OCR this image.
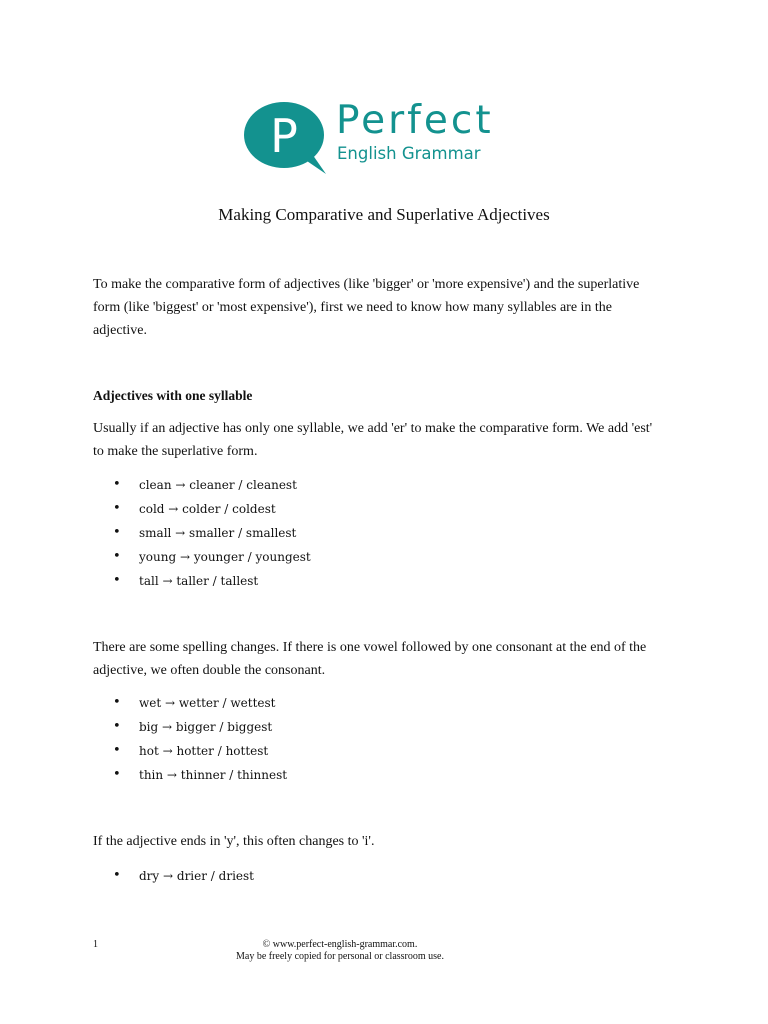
P Perfect
English Grammar
Making Comparative and Superlative Adjectives
To make the comparative form of adjectives (like 'bigger' or 'more expensive') and the superlative
form (like 'biggest' or 'most expensive'), first we need to know how many syllables are in the
adjective.
Adjectives with one syllable
Usually if an adjective has only one syllable, we add 'er' to make the comparative form. We add 'est'
to make the superlative form.
• clean → cleaner / cleanest
• cold → colder / coldest
• small → smaller / smallest
• young → younger / youngest
• tall → taller / tallest
There are some spelling changes. If there is one vowel followed by one consonant at the end of the
adjective, we often double the consonant.
• wet → wetter / wettest
• big → bigger / biggest
• hot → hotter / hottest
• thin → thinner / thinnest
If the adjective ends in 'y', this often changes to 'i'.
• dry → drier / driest
1	© www.perfect-english-grammar.com.
May be freely copied for personal or classroom use.
